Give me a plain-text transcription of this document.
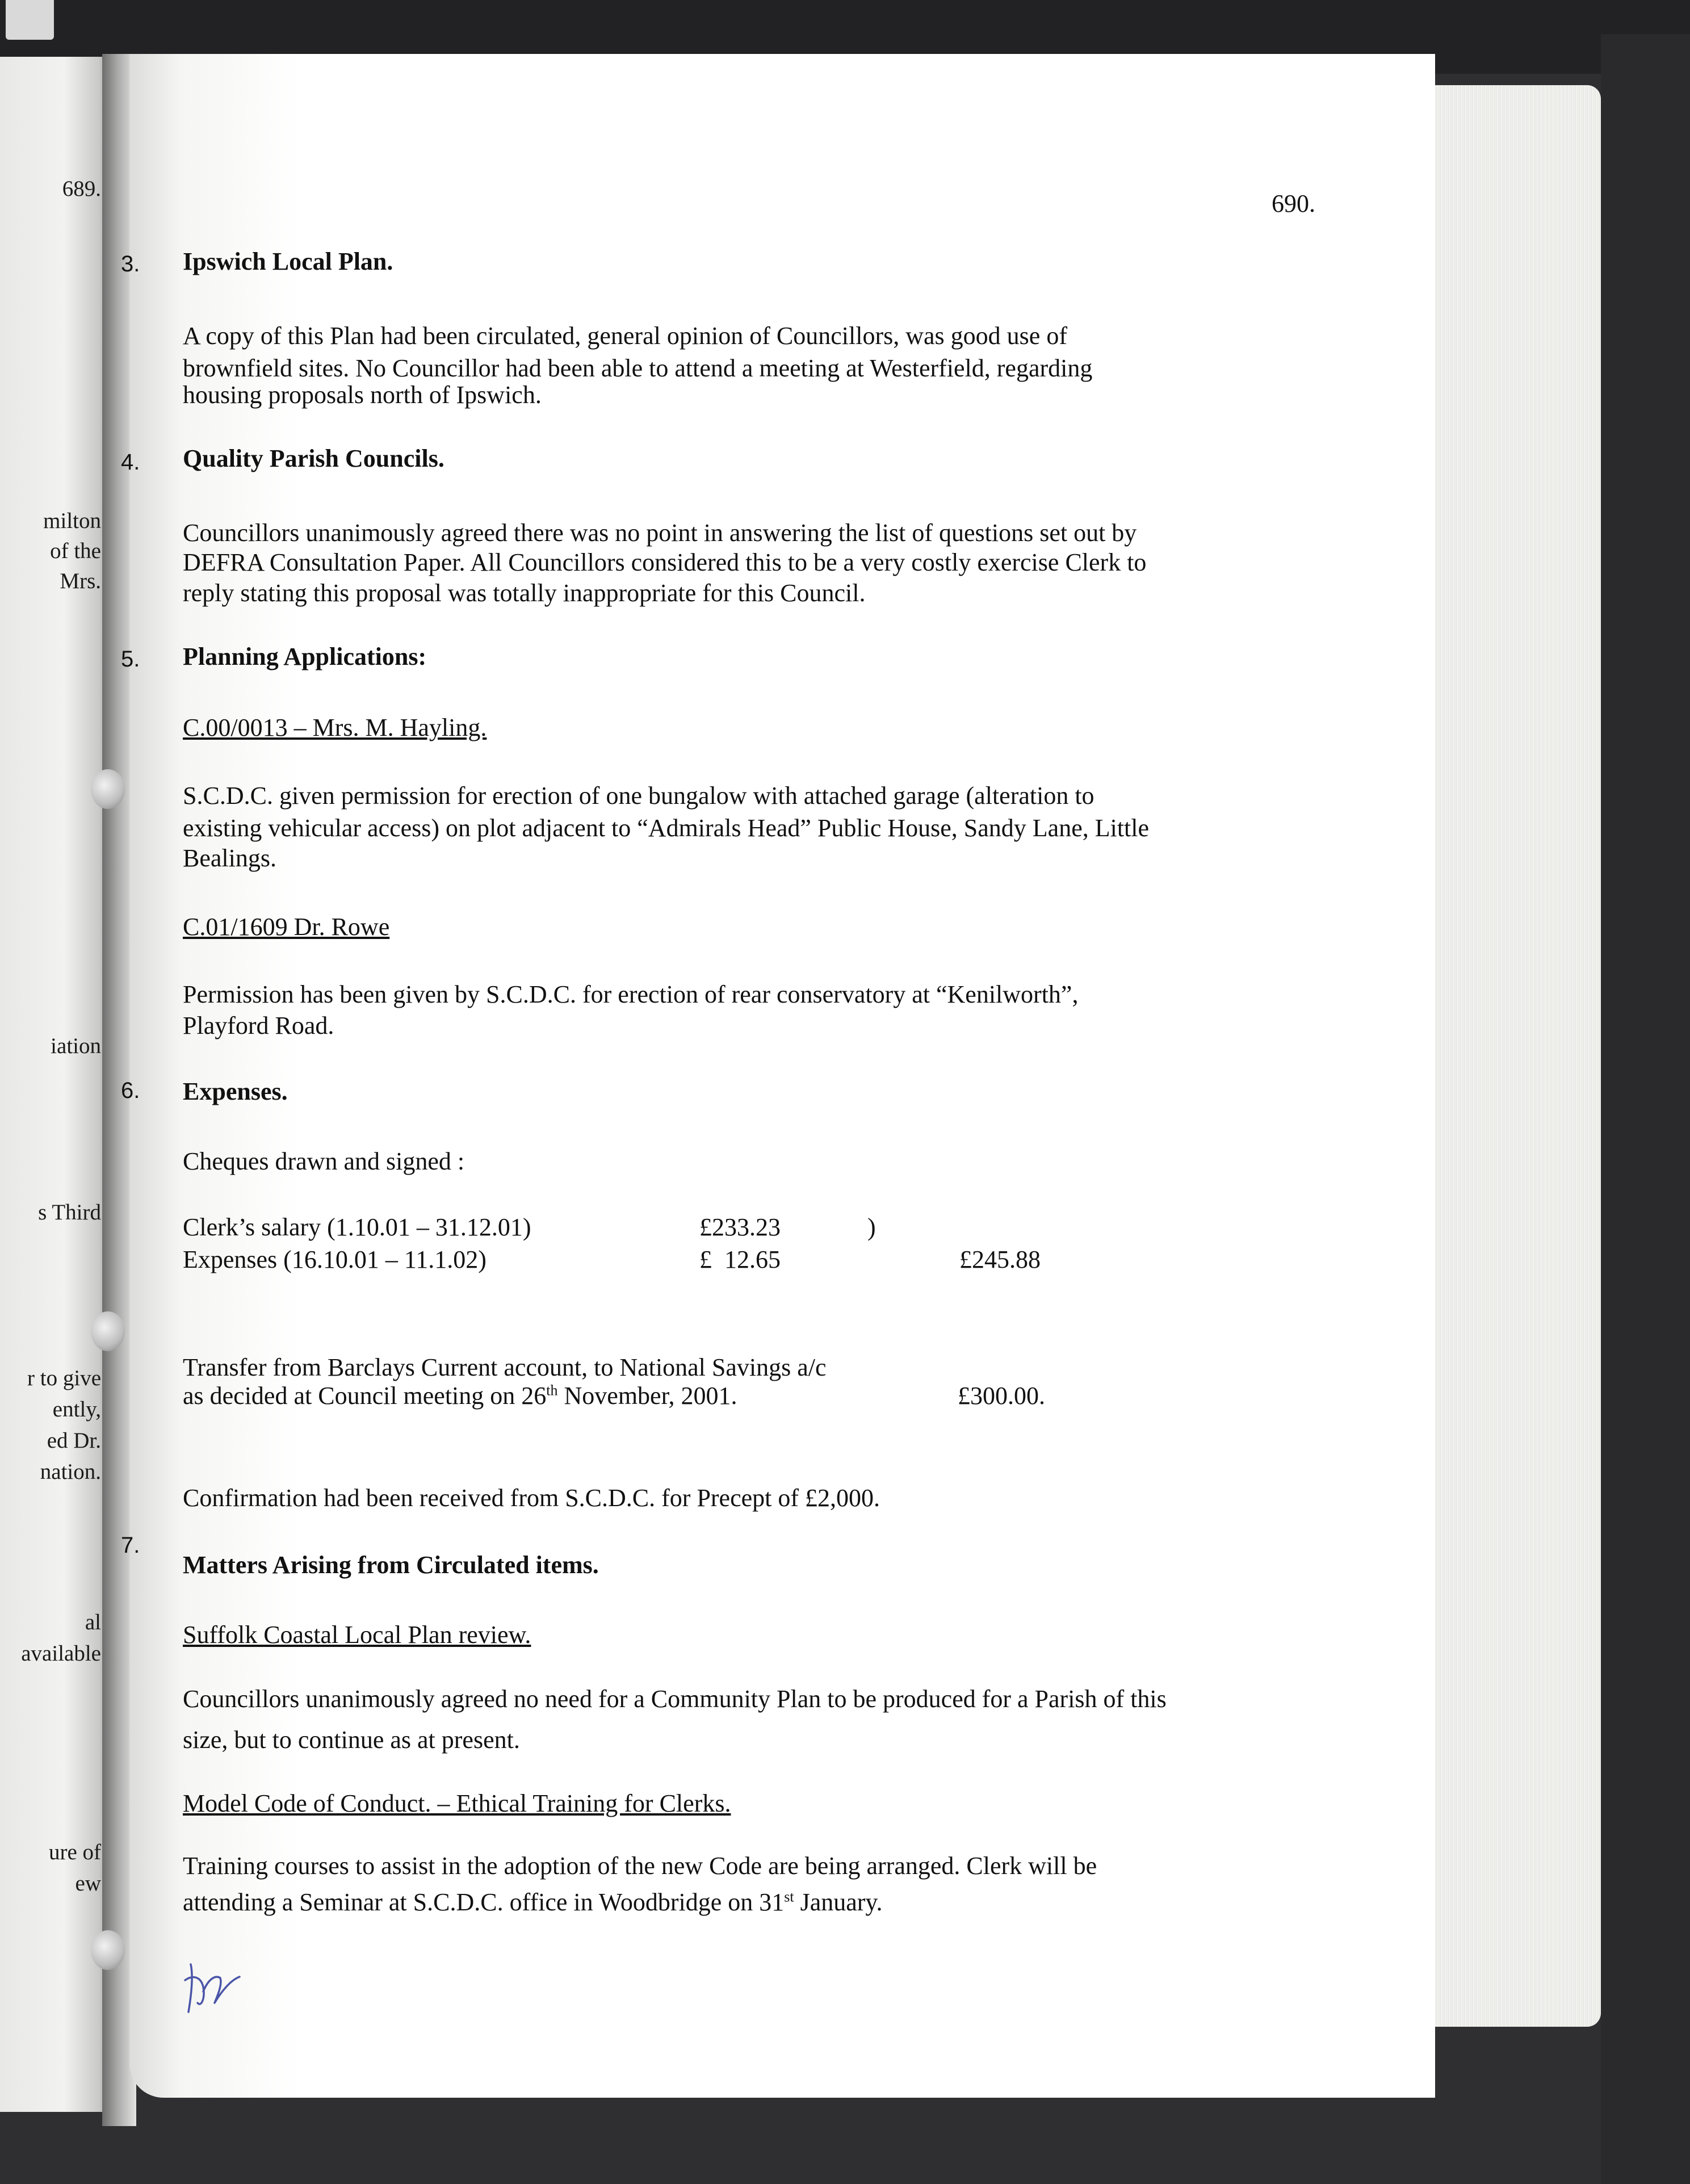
689.
milton
of the
Mrs.
iation
s Third
r to give
ently,
ed Dr.
nation.
al
available
ure of
ew
690.
3. Ipswich Local Plan.
A copy of this Plan had been circulated, general opinion of Councillors, was good use of
brownfield sites. No Councillor had been able to attend a meeting at Westerfield, regarding
housing proposals north of Ipswich.
4. Quality Parish Councils.
Councillors unanimously agreed there was no point in answering the list of questions set out by
DEFRA Consultation Paper. All Councillors considered this to be a very costly exercise Clerk to
reply stating this proposal was totally inappropriate for this Council.
5. Planning Applications:
C.00/0013 – Mrs. M. Hayling.
S.C.D.C. given permission for erection of one bungalow with attached garage (alteration to
existing vehicular access) on plot adjacent to “Admirals Head” Public House, Sandy Lane, Little
Bealings.
C.01/1609 Dr. Rowe
Permission has been given by S.C.D.C. for erection of rear conservatory at “Kenilworth”,
Playford Road.
6. Expenses.
Cheques drawn and signed :
Clerk’s salary (1.10.01 – 31.12.01)	£233.23	)
Expenses (16.10.01 – 11.1.02)	£  12.65	£245.88
Transfer from Barclays Current account, to National Savings a/c
as decided at Council meeting on 26th November, 2001.	£300.00.
Confirmation had been received from S.C.D.C. for Precept of £2,000.
7.
Matters Arising from Circulated items.
Suffolk Coastal Local Plan review.
Councillors unanimously agreed no need for a Community Plan to be produced for a Parish of this
size, but to continue as at present.
Model Code of Conduct. – Ethical Training for Clerks.
Training courses to assist in the adoption of the new Code are being arranged. Clerk will be
attending a Seminar at S.C.D.C. office in Woodbridge on 31st January.
